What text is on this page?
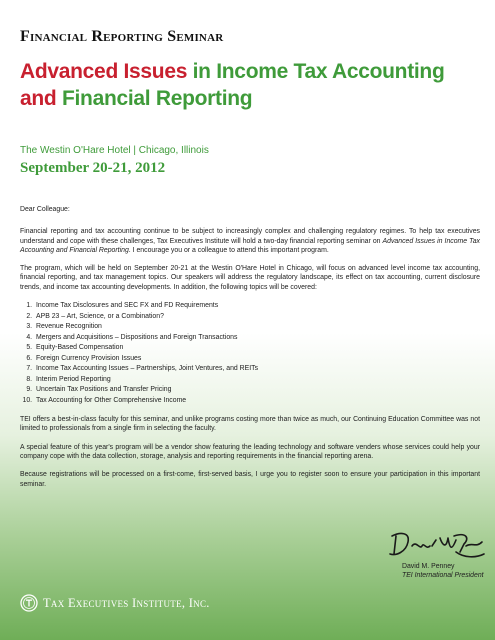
Financial Reporting Seminar
Advanced Issues in Income Tax Accounting
and Financial Reporting
The Westin O'Hare Hotel | Chicago, Illinois
September 20-21, 2012

Dear Colleague:

Financial reporting and tax accounting continue to be subject to increasingly complex and challenging regulatory regimes. To help tax executives understand and cope with these challenges, Tax Executives Institute will hold a two-day financial reporting seminar on Advanced Issues in Income Tax Accounting and Financial Reporting. I encourage you or a colleague to attend this important program.

The program, which will be held on September 20-21 at the Westin O'Hare Hotel in Chicago, will focus on advanced level income tax accounting, financial reporting, and tax management topics. Our speakers will address the regulatory landscape, its effect on tax accounting, current disclosure trends, and income tax accounting developments. In addition, the following topics will be covered:

1. Income Tax Disclosures and SEC FX and FD Requirements
2. APB 23 – Art, Science, or a Combination?
3. Revenue Recognition
4. Mergers and Acquisitions – Dispositions and Foreign Transactions
5. Equity-Based Compensation
6. Foreign Currency Provision Issues
7. Income Tax Accounting Issues – Partnerships, Joint Ventures, and REITs
8. Interim Period Reporting
9. Uncertain Tax Positions and Transfer Pricing
10. Tax Accounting for Other Comprehensive Income

TEI offers a best-in-class faculty for this seminar, and unlike programs costing more than twice as much, our Continuing Education Committee was not limited to professionals from a single firm in selecting the faculty.

A special feature of this year's program will be a vendor show featuring the leading technology and software venders whose services could help your company cope with the data collection, storage, analysis and reporting requirements in the financial reporting arena.

Because registrations will be processed on a first-come, first-served basis, I urge you to register soon to ensure your participation in this important seminar.

David M. Penney
TEI International President
Tax Executives Institute, Inc.
